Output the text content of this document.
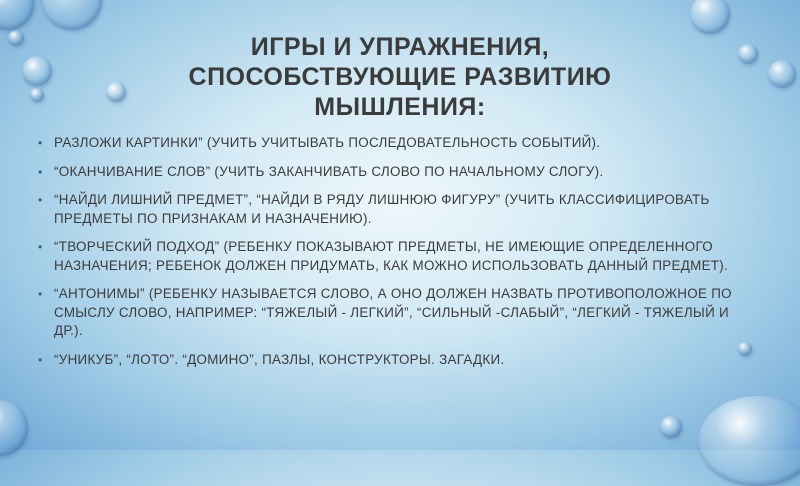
ИГРЫ И УПРАЖНЕНИЯ,
СПОСОБСТВУЮЩИЕ РАЗВИТИЮ
МЫШЛЕНИЯ:
• РАЗЛОЖИ КАРТИНКИ” (УЧИТЬ УЧИТЫВАТЬ ПОСЛЕДОВАТЕЛЬНОСТЬ СОБЫТИЙ).
• “ОКАНЧИВАНИЕ СЛОВ” (УЧИТЬ ЗАКАНЧИВАТЬ СЛОВО ПО НАЧАЛЬНОМУ СЛОГУ).
• “НАЙДИ ЛИШНИЙ ПРЕДМЕТ”, “НАЙДИ В РЯДУ ЛИШНЮЮ ФИГУРУ” (УЧИТЬ КЛАССИФИЦИРОВАТЬ ПРЕДМЕТЫ ПО ПРИЗНАКАМ И НАЗНАЧЕНИЮ).
• “ТВОРЧЕСКИЙ ПОДХОД” (РЕБЕНКУ ПОКАЗЫВАЮТ ПРЕДМЕТЫ, НЕ ИМЕЮЩИЕ ОПРЕДЕЛЕННОГО НАЗНАЧЕНИЯ; РЕБЕНОК ДОЛЖЕН ПРИДУМАТЬ, КАК МОЖНО ИСПОЛЬЗОВАТЬ ДАННЫЙ ПРЕДМЕТ).
• “АНТОНИМЫ” (РЕБЕНКУ НАЗЫВАЕТСЯ СЛОВО, А ОНО ДОЛЖЕН НАЗВАТЬ ПРОТИВОПОЛОЖНОЕ ПО СМЫСЛУ СЛОВО, НАПРИМЕР: “ТЯЖЕЛЫЙ - ЛЕГКИЙ”, “СИЛЬНЫЙ -СЛАБЫЙ”, “ЛЕГКИЙ - ТЯЖЕЛЫЙ И ДР.).
• “УНИКУБ”, “ЛОТО”. “ДОМИНО”, ПАЗЛЫ, КОНСТРУКТОРЫ. ЗАГАДКИ.
